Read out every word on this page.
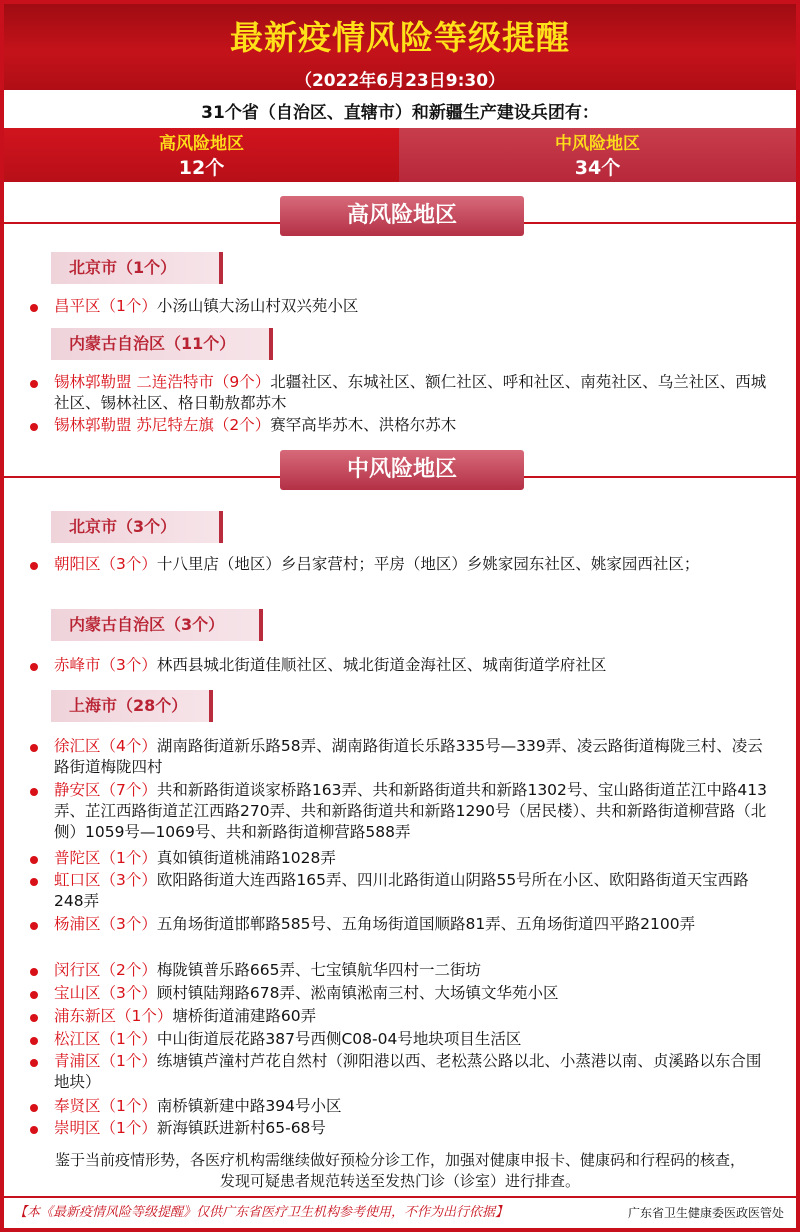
最新疫情风险等级提醒
（2022年6月23日9:30）
31个省（自治区、直辖市）和新疆生产建设兵团有：
高风险地区
12个
中风险地区
34个
高风险地区
北京市（1个）
昌平区（1个）小汤山镇大汤山村双兴苑小区
内蒙古自治区（11个）
锡林郭勒盟 二连浩特市（9个）北疆社区、东城社区、额仁社区、呼和社区、南苑社区、乌兰社区、西城社区、锡林社区、格日勒敖都苏木
锡林郭勒盟 苏尼特左旗（2个）赛罕高毕苏木、洪格尔苏木
中风险地区
北京市（3个）
朝阳区（3个）十八里店（地区）乡吕家营村；平房（地区）乡姚家园东社区、姚家园西社区；
内蒙古自治区（3个）
赤峰市（3个）林西县城北街道佳顺社区、城北街道金海社区、城南街道学府社区
上海市（28个）
徐汇区（4个）湖南路街道新乐路58弄、湖南路街道长乐路335号—339弄、凌云路街道梅陇三村、凌云路街道梅陇四村
静安区（7个）共和新路街道谈家桥路163弄、共和新路街道共和新路1302号、宝山路街道芷江中路413弄、芷江西路街道芷江西路270弄、共和新路街道共和新路1290号（居民楼）、共和新路街道柳营路（北侧）1059号—1069号、共和新路街道柳营路588弄
普陀区（1个）真如镇街道桃浦路1028弄
虹口区（3个）欧阳路街道大连西路165弄、四川北路街道山阴路55号所在小区、欧阳路街道天宝西路248弄
杨浦区（3个）五角场街道邯郸路585号、五角场街道国顺路81弄、五角场街道四平路2100弄
闵行区（2个）梅陇镇普乐路665弄、七宝镇航华四村一二街坊
宝山区（3个）顾村镇陆翔路678弄、淞南镇淞南三村、大场镇文华苑小区
浦东新区（1个）塘桥街道浦建路60弄
松江区（1个）中山街道辰花路387号西侧C08-04号地块项目生活区
青浦区（1个）练塘镇芦潼村芦花自然村（泖阳港以西、老松蒸公路以北、小蒸港以南、贞溪路以东合围地块）
奉贤区（1个）南桥镇新建中路394号小区
崇明区（1个）新海镇跃进新村65-68号
鉴于当前疫情形势，各医疗机构需继续做好预检分诊工作，加强对健康申报卡、健康码和行程码的核查，
发现可疑患者规范转送至发热门诊（诊室）进行排查。
【本《最新疫情风险等级提醒》仅供广东省医疗卫生机构参考使用，不作为出行依据】	广东省卫生健康委医政医管处
